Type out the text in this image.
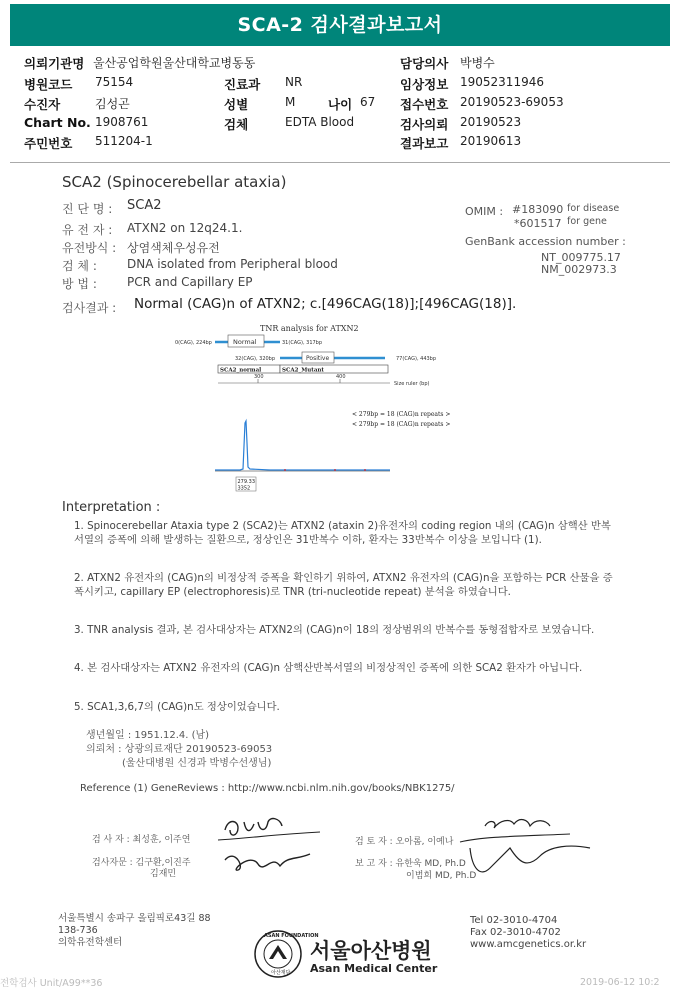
SCA-2 검사결과보고서
의뢰기관명 울산공업학원울산대학교병동동	담당의사 박병수
병원코드 75154	진료과 NR	임상정보 19052311946
수진자	김성곤	성별	M	나이 67 접수번호 20190523-69053
Chart No. 1908761	검체	EDTA Blood	검사의뢰 20190523
주민번호 511204-1	결과보고 20190613
SCA2 (Spinocerebellar ataxia)
진 단 명 : SCA2
유 전 자 : ATXN2 on 12q24.1.
유전방식 : 상염색체우성유전
검 체 :	DNA isolated from Peripheral blood
방 법 :	PCR and Capillary EP
OMIM : #183090 for disease
*601517 for gene
GenBank accession number :
NT_009775.17
NM_002973.3
검사결과 : Normal (CAG)n of ATXN2; c.[496CAG(18)];[496CAG(18)].
TNR analysis for ATXN2
Normal
0(CAG), 224bp	31(CAG), 317bp
Positive
32(CAG), 320bp	77(CAG), 443bp
SCA2_normal	SCA2_Mutant
300	400
Size ruler (bp)
< 279bp = 18 (CAG)n repeats >
< 279bp = 18 (CAG)n repeats >
279.33
3352
Interpretation :
1. Spinocerebellar Ataxia type 2 (SCA2)는 ATXN2 (ataxin 2)유전자의 coding region 내의 (CAG)n 삼핵산 반복서열의 증폭에 의해 발생하는 질환으로, 정상인은 31반복수 이하, 환자는 33반복수 이상을 보입니다 (1).
2. ATXN2 유전자의 (CAG)n의 비정상적 증폭을 확인하기 위하여, ATXN2 유전자의 (CAG)n을 포함하는 PCR 산물을 증폭시키고, capillary EP (electrophoresis)로 TNR (tri-nucleotide repeat) 분석을 하였습니다.
3. TNR analysis 결과, 본 검사대상자는 ATXN2의 (CAG)n이 18의 정상범위의 반복수를 동형접합자로 보였습니다.
4. 본 검사대상자는 ATXN2 유전자의 (CAG)n 삼핵산반복서열의 비정상적인 증폭에 의한 SCA2 환자가 아닙니다.
5. SCA1,3,6,7의 (CAG)n도 정상이었습니다.
생년월일 : 1951.12.4. (남)
의뢰처 : 상광의료재단 20190523-69053
(울산대병원 신경과 박병수선생님)
Reference (1) GeneReviews : http://www.ncbi.nlm.nih.gov/books/NBK1275/
검 사 자 : 최성훈, 이주연
검사자문 : 김구환,이진주
김재민
검 토 자 : 오아롬, 이예나
보 고 자 : 유한욱 MD, Ph.D
이범희 MD, Ph.D
서울특별시 송파구 올림픽로43길 88
138-736
의학유전학센터
ASAN FOUNDATION
아산재단
서울아산병원
Asan Medical Center
Tel 02-3010-4704
Fax 02-3010-4702
www.amcgenetics.or.kr
전학검사 Unit/A99**36	2019-06-12 10:2
